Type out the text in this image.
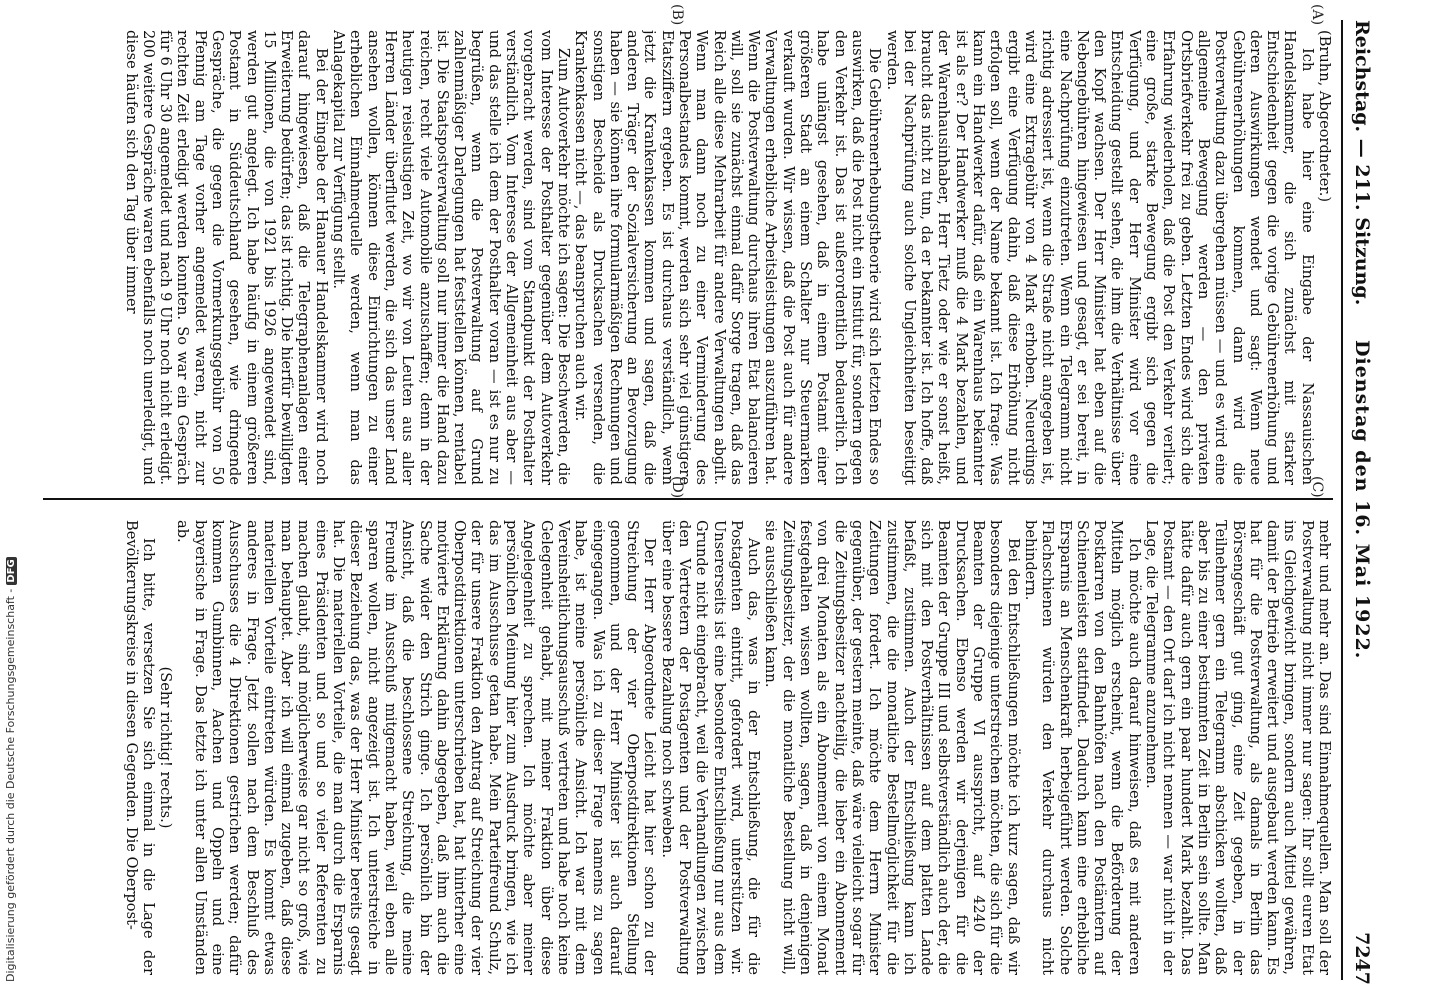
Reichstag. — 211. Sitzung.
Dienstag den 16. Mai 1922.
7247
(A)
(B)
(C)
(D)

(Bruhn, Abgeordneter.)

Ich habe hier eine Eingabe der Nassauischen Handelskammer, die sich zunächst mit starker Entschiedenheit gegen die vorige Gebührenerhöhung und deren Auswirkungen wendet und sagt: Wenn neue Gebührenerhöhungen kommen, dann wird die Postverwaltung dazu übergehen müssen — und es wird eine allgemeine Bewegung werden — den privaten Ortsbriefverkehr frei zu geben. Letzten Endes wird sich die Erfahrung wiederholen, daß die Post den Verkehr verliert; eine große, starke Bewegung ergibt sich gegen die Verfügung, und der Herr Minister wird vor eine Entscheidung gestellt sehen, die ihm die Verhältnisse über den Kopf wachsen. Der Herr Minister hat eben auf die Nebengebühren hingewiesen und gesagt, er sei bereit, in eine Nachprüfung einzutreten. Wenn ein Telegramm nicht richtig adressiert ist, wenn die Straße nicht angegeben ist, wird eine Extragebühr von 4 Mark erhoben. Neuerdings ergibt eine Verfügung dahin, daß diese Erhöhung nicht erfolgen soll, wenn der Name bekannt ist. Ich frage: Was kann ein Handwerker dafür, daß ein Warenhaus bekannter ist als er? Der Handwerker muß die 4 Mark bezahlen, und der Warenhausinhaber, Herr Tietz oder wie er sonst heißt, braucht das nicht zu tun, da er bekannter ist. Ich hoffe, daß bei der Nachprüfung auch solche Ungleichheiten beseitigt werden.

Die Gebührenerhebungstheorie wird sich letzten Endes so auswirken, daß die Post nicht ein Institut für, sondern gegen den Verkehr ist. Das ist außerordentlich bedauerlich. Ich habe unlängst gesehen, daß in einem Postamt einer größeren Stadt an einem Schalter nur Steuermarken verkauft wurden. Wir wissen, daß die Post auch für andere Verwaltungen erhebliche Arbeitsleistungen auszuführen hat. Wenn die Postverwaltung durchaus ihren Etat balancieren will, soll sie zunächst einmal dafür Sorge tragen, daß das Reich alle diese Mehrarbeit für andere Verwaltungen abgilt. Wenn man dann noch zu einer Verminderung des Personalbestandes kommt, werden sich sehr viel günstigere Etatsziffern ergeben. Es ist durchaus verständlich, wenn jetzt die Krankenkassen kommen und sagen, daß die anderen Träger der Sozialversicherung an Bevorzugung haben — sie können ihre formularmäßigen Rechnungen und sonstigen Bescheide als Drucksachen versenden, die Krankenkassen nicht —, das beanspruchen auch wir.

Zum Autoverkehr möchte ich sagen: Die Beschwerden, die vom Interesse der Posthalter gegenüber dem Autoverkehr vorgebracht werden, sind vom Standpunkt der Posthalter verständlich. Vom Interesse der Allgemeinheit aus aber — und das stelle ich dem der Posthalter voran — ist es nur zu begrüßen, wenn die Postverwaltung auf Grund zahlenmäßiger Darlegungen hat feststellen können, rentabel ist. Die Staatspostverwaltung soll nur immer die Hand dazu reichen, recht viele Automobile anzuschaffen; denn in der heutigen reiselustigen Zeit, wo wir von Leuten aus aller Herren Länder überflutet werden, die sich das unser Land ansehen wollen, können diese Einrichtungen zu einer erheblichen Einnahmequelle werden, wenn man das Anlagekapital zur Verfügung stellt.

Bei der Eingabe der Hanauer Handelskammer wird noch darauf hingewiesen, daß die Telegraphenanlagen einer Erweiterung bedürfen; das ist richtig. Die hierfür bewilligten 15 Millionen, die von 1921 bis 1926 angewendet sind, werden gut angelegt. Ich habe häufig in einem größeren Postamt in Süddeutschland gesehen, wie dringende Gespräche, die gegen die Vormerkungsgebühr von 50 Pfennig am Tage vorher angemeldet waren, nicht zur rechten Zeit erledigt werden konnten. So war ein Gespräch für 6 Uhr 30 angemeldet und nach 9 Uhr noch nicht erledigt. 200 weitere Gespräche waren ebenfalls noch unerledigt, und diese häufen sich den Tag über immer

mehr und mehr an. Das sind Einnahmequellen. Man soll der Postverwaltung nicht immer nur sagen: Ihr sollt euren Etat ins Gleichgewicht bringen, sondern auch Mittel gewähren, damit der Betrieb erweitert und ausgebaut werden kann. Es hat für die Postverwaltung, als damals in Berlin das Börsengeschäft gut ging, eine Zeit gegeben, in der Teilnehmer gern ein Telegramm abschicken wollten, daß aber bis zu einer bestimmten Zeit in Berlin sein sollte. Man hätte dafür auch gern ein paar hundert Mark bezahlt. Das Postamt — den Ort darf ich nicht nennen — war nicht in der Lage, die Telegramme anzunehmen.

Ich möchte auch darauf hinweisen, daß es mit anderen Mitteln möglich erscheint, wenn die Beförderung der Postkarren von den Bahnhöfen nach den Postämtern auf Schienenleisten stattfindet. Dadurch kann eine erhebliche Ersparnis an Menschenkraft herbeigeführt werden. Solche Flachschienen würden den Verkehr durchaus nicht behindern.

Bei den Entschließungen möchte ich kurz sagen, daß wir besonders diejenige unterstreichen möchten, die sich für die Beamten der Gruppe VI ausspricht, auf 4240 der Drucksachen. Ebenso werden wir derjenigen für die Beamten der Gruppe III und selbstverständlich auch der, die sich mit den Postverhältnissen auf dem platten Lande befaßt, zustimmen. Auch der Entschließung kann ich zustimmen, die die monatliche Bestellmöglichkeit für die Zeitungen fordert. Ich möchte dem Herrn Minister gegenüber, der gestern meinte, daß wäre vielleicht sogar für die Zeitungsbesitzer nachteilig, die lieber ein Abonnement von drei Monaten als ein Abonnement von einem Monat festgehalten wissen wollten, sagen, daß in denjenigen Zeitungsbesitzer, der die monatliche Bestellung nicht will, sie ausschließen kann.

Auch das, was in der Entschließung, die für die Postagenten eintritt, gefordert wird, unterstützen wir. Unsererseits ist eine besondere Entschließung nur aus dem Grunde nicht eingebracht, weil die Verhandlungen zwischen den Vertretern der Postagenten und der Postverwaltung über eine bessere Bezahlung noch schweben.

Der Herr Abgeordnete Leicht hat hier schon zu der Streichung der vier Oberpostdirektionen Stellung genommen, und der Herr Minister ist auch darauf eingegangen. Was ich zu dieser Frage namens zu sagen habe, ist meine persönliche Ansicht. Ich war mit dem Vereinsheitlichungsausschuß vertreten und habe noch keine Gelegenheit gehabt, mit meiner Fraktion über diese Angelegenheit zu sprechen. Ich möchte aber meiner persönlichen Meinung hier zum Ausdruck bringen, wie ich das im Ausschusse getan habe. Mein Parteifreund Schulz, der für unsere Fraktion den Antrag auf Streichung der vier Oberpostdirektionen unterschrieben hat, hat hinterher eine motivierte Erklärung dahin abgegeben, daß ihm auch die Sache wider den Strich ginge. Ich persönlich bin der Ansicht, daß die beschlossene Streichung, die meine Freunde im Ausschuß mitgemacht haben, weil eben alle sparen wollen, nicht angezeigt ist. Ich unterstreiche in dieser Beziehung das, was der Herr Minister bereits gesagt hat. Die materiellen Vorteile, die man durch die Ersparnis eines Präsidenten und so und so vieler Referenten zu machen glaubt, sind möglicherweise gar nicht so groß, wie man behauptet. Aber ich will einmal zugeben, daß diese materiellen Vorteile eintreten würden. Es kommt etwas anderes in Frage. Jetzt sollen nach dem Beschluß des Ausschusses die 4 Direktionen gestrichen werden; dafür kommen Gumbinnen, Aachen und Oppeln und eine bayerische in Frage. Das letzte ich unter allen Umständen ab.

(Sehr richtig! rechts.)

Ich bitte, versetzen Sie sich einmal in die Lage der Bevölkerungskreise in diesen Gegenden. Die Oberpost-

Digitalisierung gefördert durch die Deutsche Forschungsgemeinschaft -DFG
